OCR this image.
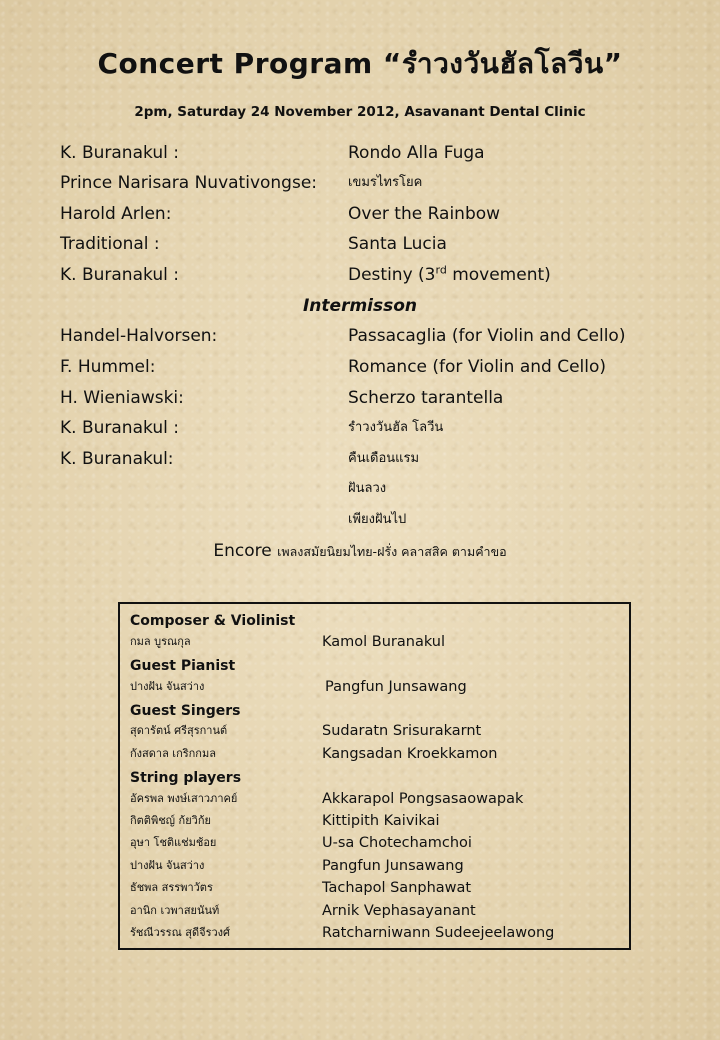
Concert Program “รำวงวันฮัลโลวีน”
2pm, Saturday 24 November 2012, Asavanant Dental Clinic
K. Buranakul :	Rondo Alla Fuga
Prince Narisara Nuvativongse: เขมรไทรโยค
Harold Arlen:	Over the Rainbow
Traditional :	Santa Lucia
K. Buranakul :	Destiny (3rd movement)
Intermisson
Handel-Halvorsen:	Passacaglia (for Violin and Cello)
F. Hummel:	Romance (for Violin and Cello)
H. Wieniawski:	Scherzo tarantella
K. Buranakul :	รำวงวันฮัล โลวีน
K. Buranakul:	คืนเดือนแรม
ฝันลวง
เพียงฝันไป
Encore เพลงสมัยนิยมไทย-ฝรั่ง คลาสสิค ตามคำขอ
Composer & Violinist
กมล บูรณกุล	Kamol Buranakul
Guest Pianist
ปางฝัน จันสว่าง	Pangfun Junsawang
Guest Singers
สุดารัตน์ ศรีสุรกานต์	Sudaratn Srisurakarnt
กังสดาล เกริกกมล	Kangsadan Kroekkamon
String players
อัครพล พงษ์เสาวภาคย์	Akkarapol Pongsasaowapak
กิตติพิชญ์ ก้ยวิก้ย	Kittipith Kaivikai
อุษา โชติแช่มช้อย	U-sa Chotechamchoi
ปางฝัน จันสว่าง	Pangfun Junsawang
ธัชพล สรรพาวัตร	Tachapol Sanphawat
อานิก เวพาสยนันท์	Arnik Vephasayanant
รัชณีวรรณ สุดีจีรวงศ์	Ratcharniwann Sudeejeelawong
